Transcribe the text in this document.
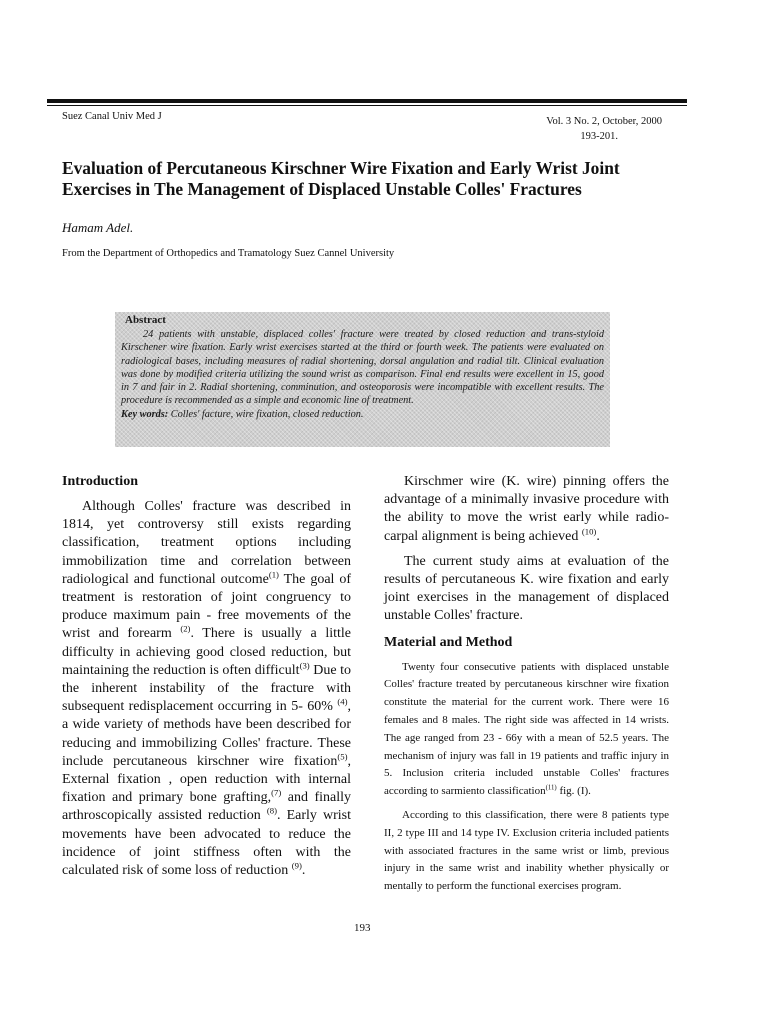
Suez Canal Univ Med J	Vol. 3 No. 2, October, 2000
193-201.
Evaluation of Percutaneous Kirschner Wire Fixation and Early Wrist Joint Exercises in The Management of Displaced Unstable Colles' Fractures
Hamam Adel.
From the Department of Orthopedics and Tramatology Suez Cannel University
Abstract

24 patients with unstable, displaced colles' fracture were treated by closed reduction and trans-styloid Kirschener wire fixation. Early wrist exercises started at the third or fourth week. The patients were evaluated on radiological bases, including measures of radial shortening, dorsal angulation and radial tilt. Clinical evaluation was done by modified criteria utilizing the sound wrist as comparison. Final end results were excellent in 15, good in 7 and fair in 2. Radial shortening, comminution, and osteoporosis were incompatible with excellent results. The procedure is recommended as a simple and economic line of treatment.

Key words: Colles' facture, wire fixation, closed reduction.
Introduction

Although Colles' fracture was described in 1814, yet controversy still exists regarding classification, treatment options including immobilization time and correlation between radiological and functional outcome$^{(1)}$ The goal of treatment is restoration of joint congruency to produce maximum pain - free movements of the wrist and forearm $^{(2)}$. There is usually a little difficulty in achieving good closed reduction, but maintaining the reduction is often difficult$^{(3)}$ Due to the inherent instability of the fracture with subsequent redisplacement occurring in 5- 60% $^{(4)}$, a wide variety of methods have been described for reducing and immobilizing Colles' fracture. These include percutaneous kirschner wire fixation$^{(5)}$, External fixation , open reduction with internal fixation and primary bone grafting,$^{(7)}$ and finally arthroscopically assisted reduction $^{(8)}$. Early wrist movements have been advocated to reduce the incidence of joint stiffness often with the calculated risk of some loss of reduction $^{(9)}$.

Kirschmer wire (K. wire) pinning offers the advantage of a minimally invasive procedure with the ability to move the wrist early while radio-carpal alignment is being achieved $^{(10)}$.

The current study aims at evaluation of the results of percutaneous K. wire fixation and early joint exercises in the management of displaced unstable Colles' fracture.

Material and Method

Twenty four consecutive patients with displaced unstable Colles' fracture treated by percutaneous kirschner wire fixation constitute the material for the current work. There were 16 females and 8 males. The right side was affected in 14 wrists. The age ranged from 23 - 66y with a mean of 52.5 years. The mechanism of injury was fall in 19 patients and traffic injury in 5. Inclusion criteria included unstable Colles' fractures according to sarmiento classification$^{(11)}$ fig. (I).

According to this classification, there were 8 patients type II, 2 type III and 14 type IV. Exclusion criteria included patients with associated fractures in the same wrist or limb, previous injury in the same wrist and inability whether physically or mentally to perform the functional exercises program.

193
